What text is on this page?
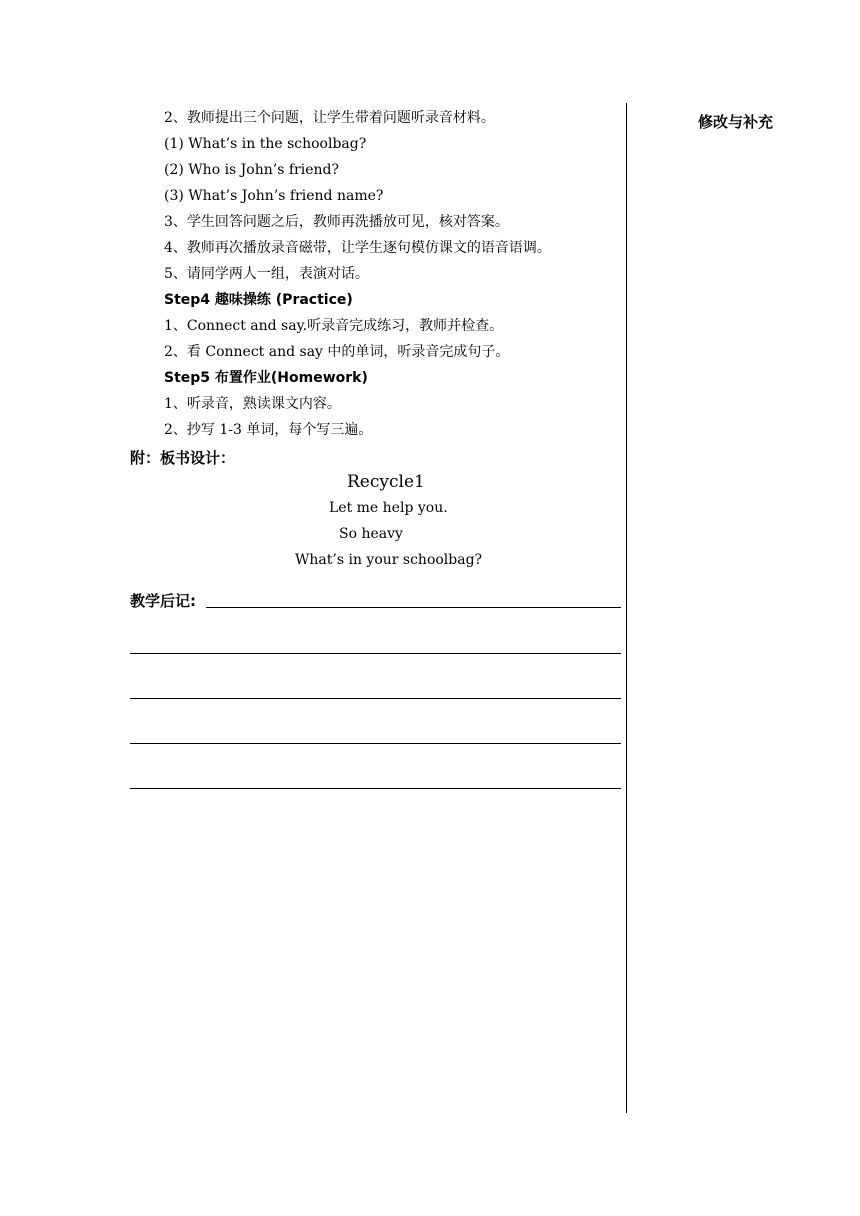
修改与补充
2、教师提出三个问题，让学生带着问题听录音材料。
(1) What’s in the schoolbag?
(2) Who is John’s friend?
(3) What’s John’s friend name?
3、学生回答问题之后，教师再洗播放可见，核对答案。
4、教师再次播放录音磁带，让学生逐句模仿课文的语音语调。
5、请同学两人一组，表演对话。
Step4 趣味操练 (Practice)
1、Connect and say.听录音完成练习，教师并检查。
2、看 Connect and say 中的单词，听录音完成句子。
Step5 布置作业(Homework)
1、听录音，熟读课文内容。
2、抄写 1-3 单词，每个写三遍。
附：板书设计：
Recycle1
Let me help you.
So heavy
What’s in your schoolbag?
教学后记:
